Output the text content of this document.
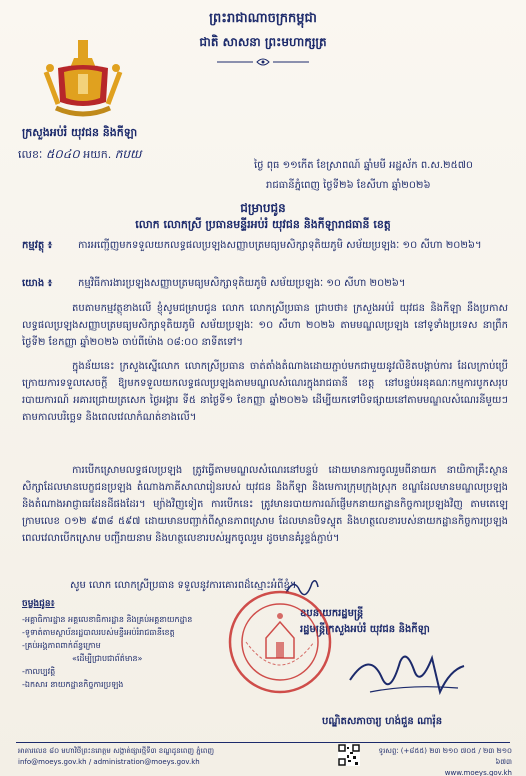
ព្រះរាជាណាចក្រកម្ពុជា
ជាតិ សាសនា ព្រះមហាក្សត្រ
ក្រសួងអប់រំ យុវជន និងកីឡា
លេខៈ ៥០៤០ អយក. កបយ
ថ្ងៃ ពុធ ១១កើត ខែស្រាពណ៍ ឆ្នាំមមី អដ្ឋស័ក ព.ស.២៥៧០
រាជធានីភ្នំពេញ ថ្ងៃទី២៦ ខែសីហា ឆ្នាំ២០២៦
ជម្រាបជូន
លោក លោកស្រី ប្រធានមន្ទីរអប់រំ យុវជន និងកីឡារាជធានី ខេត្ត
កម្មវត្ថុ ៖	ការអញ្ជើញមកទទួលយកលទ្ធផលប្រឡងសញ្ញាបត្រមធ្យមសិក្សាទុតិយភូមិ សម័យប្រឡងៈ ១០ សីហា ២០២៦។
យោង ៖	កម្មវិធីការងារប្រឡងសញ្ញាបត្រមធ្យមសិក្សាទុតិយភូមិ សម័យប្រឡងៈ ១០ សីហា ២០២៦។
តបតាមកម្មវត្ថុខាងលើ ខ្ញុំសូមជម្រាបជូន លោក លោកស្រីប្រធាន ជ្រាបថា៖ ក្រសួងអប់រំ យុវជន និងកីឡា នឹងប្រកាសលទ្ធផលប្រឡងសញ្ញាបត្រមធ្យមសិក្សាទុតិយភូមិ សម័យប្រឡងៈ ១០ សីហា ២០២៦ តាមមណ្ឌលប្រឡង នៅទូទាំងប្រទេស នាព្រឹកថ្ងៃទី២ ខែកញ្ញា ឆ្នាំ២០២៦ ចាប់ពីម៉ោង ០៨:០០ នាទីតទៅ។
ក្នុងន័យនេះ ក្រសួងស្នើលោក លោកស្រីប្រធាន ចាត់តាំងតំណាងដោយភ្ជាប់មកជាមួយនូវលិខិតបង្គាប់ការ ដែលក្រាប់ប្រើក្រោយការទទួលសេចក្តី ឱ្យមកទទួលយកលទ្ធផលប្រឡងតាមមណ្ឌលសំណេរក្នុងរាជធានី ខេត្ត នៅបន្ទប់អនុគណៈកម្មការបូកសរុបរបាយការណ៍ អគារជ្រោយត្រសេក ថ្ងៃអង្គារ ទី៥ នាថ្ងៃទី១ ខែកញ្ញា ឆ្នាំ២០២៦ ដើម្បីយកទៅបិទផ្សាយនៅតាមមណ្ឌលសំណេរនីមួយៗ តាមកាលបរិច្ឆេទ និងពេលវេលាកំណត់ខាងលើ។
ការបើកស្រោមលទ្ធផលប្រឡង ត្រូវធ្វើតាមមណ្ឌលសំណេរនៅបន្ទប់ ដោយមានការចូលរួមពីនាយក នាយិកាគ្រឹះស្ថានសិក្សាដែលមានបេក្ខជនប្រឡង តំណាងភាគីសាលារៀនរបស់ យុវជន និងកីឡា និងមេការក្រុមក្រុងស្រុក ខណ្ឌដែលមានមណ្ឌលប្រឡង និងតំណាងអាជ្ញាធរដែនដីផងដែរ។ ម្យ៉ាងវិញទៀត ការបើកនេះ ត្រូវមានរបាយការណ៍ផ្ញើមកនាយកដ្ឋានកិច្ចការប្រឡងវិញ តាមតេឡេក្រាមលេខ ០១២ ៩៣៨ ៥៩៧ ដោយមានបញ្ជាក់ពីស្ថានភាពស្រោម ដែលមានបិទស្ទុត និងហត្ថលេខារបស់នាយកដ្ឋានកិច្ចការប្រឡង ពេលវេលាបើកស្រោម បញ្ជីរាយនាម និងហត្ថលេខារបស់អ្នកចូលរួម ដូចមានគំរូខ្ទង់ភ្ជាប់។
សូម លោក លោកស្រីប្រធាន ទទួលនូវការគោរពដ៏ស្មោះអំពីខ្ញុំ។
ឧបនាយករដ្ឋមន្ត្រី
រដ្ឋមន្ត្រីក្រសួងអប់រំ យុវជន និងកីឡា
បណ្ឌិតសភាចារ្យ ហង់ជួន ណារ៉ុន
ចម្លងជូន៖
-អគ្គាធិការដ្ឋាន អគ្គលេខាធិការដ្ឋាន និងគ្រប់អគ្គនាយកដ្ឋាន
-ទូទាត់តាមស្ថាប័នរដ្ឋបាលរបស់មន្ទីរអប់រំរាជធានីខេត្ត
-គ្រប់អង្គភាពពាក់ព័ន្ធក្រោម
«ដើម្បីជ្រាបជាព័ត៌មាន»
-កាលប្បវត្តិ
-ឯកសារ នាយកដ្ឋានកិច្ចការប្រឡង
អាគារលេខ ៨០ មហាវិថីព្រះនរោត្តម សង្កាត់ផ្សារថ្មីទី៣ ខណ្ឌដូនពេញ ភ្នំពេញ
info@moeys.gov.kh / administration@moeys.gov.kh
ទូរសព្ទៈ (+៨៥៥) ២៣ ២១០ ៧០៥ / ២៣ ២១០ ៦៧៣
www.moeys.gov.kh
